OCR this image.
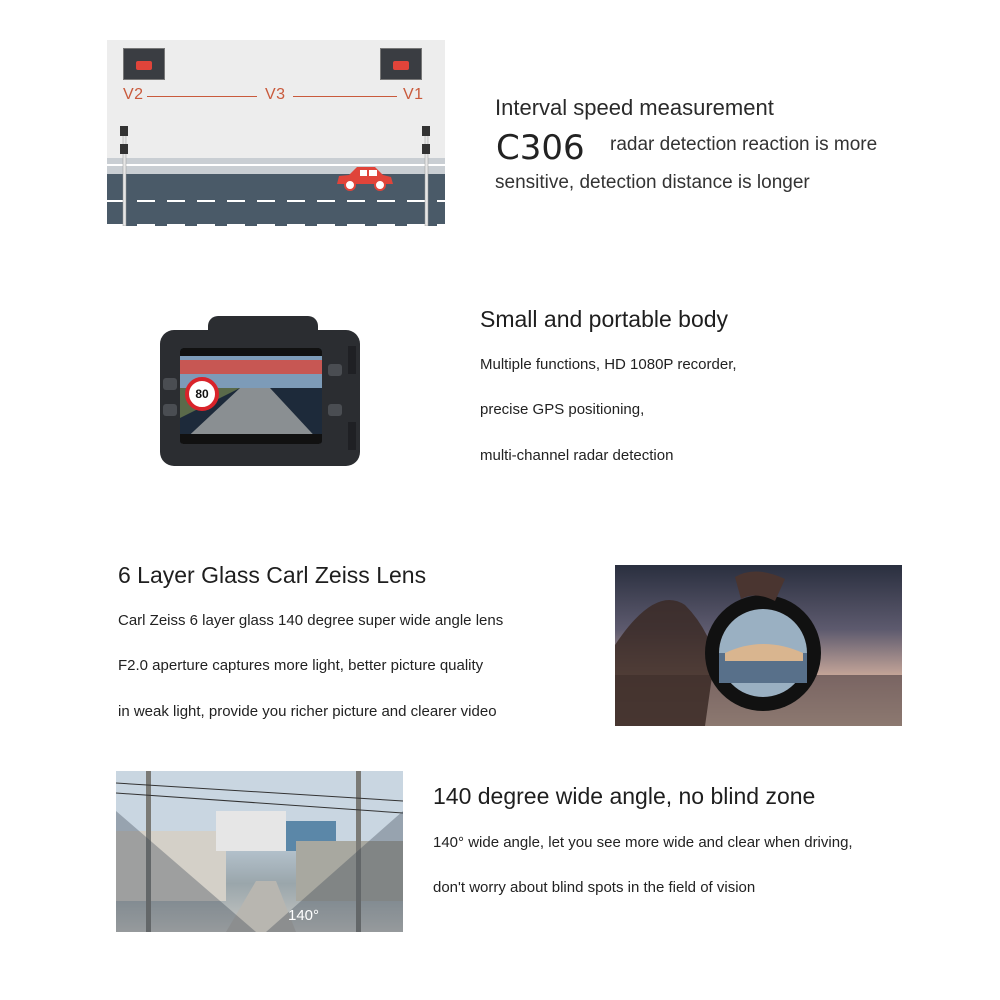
V2	V3	V1
Interval speed measurement
C306 radar detection reaction is more
sensitive, detection distance is longer
80
Small and portable body
Multiple functions, HD 1080P recorder,
precise GPS positioning,
multi-channel radar detection
6 Layer Glass Carl Zeiss Lens
Carl Zeiss 6 layer glass 140 degree super wide angle lens
F2.0 aperture captures more light, better picture quality
in weak light, provide you richer picture and clearer video
140°
140 degree wide angle, no blind zone
140° wide angle, let you see more wide and clear when driving,
don't worry about blind spots in the field of vision
